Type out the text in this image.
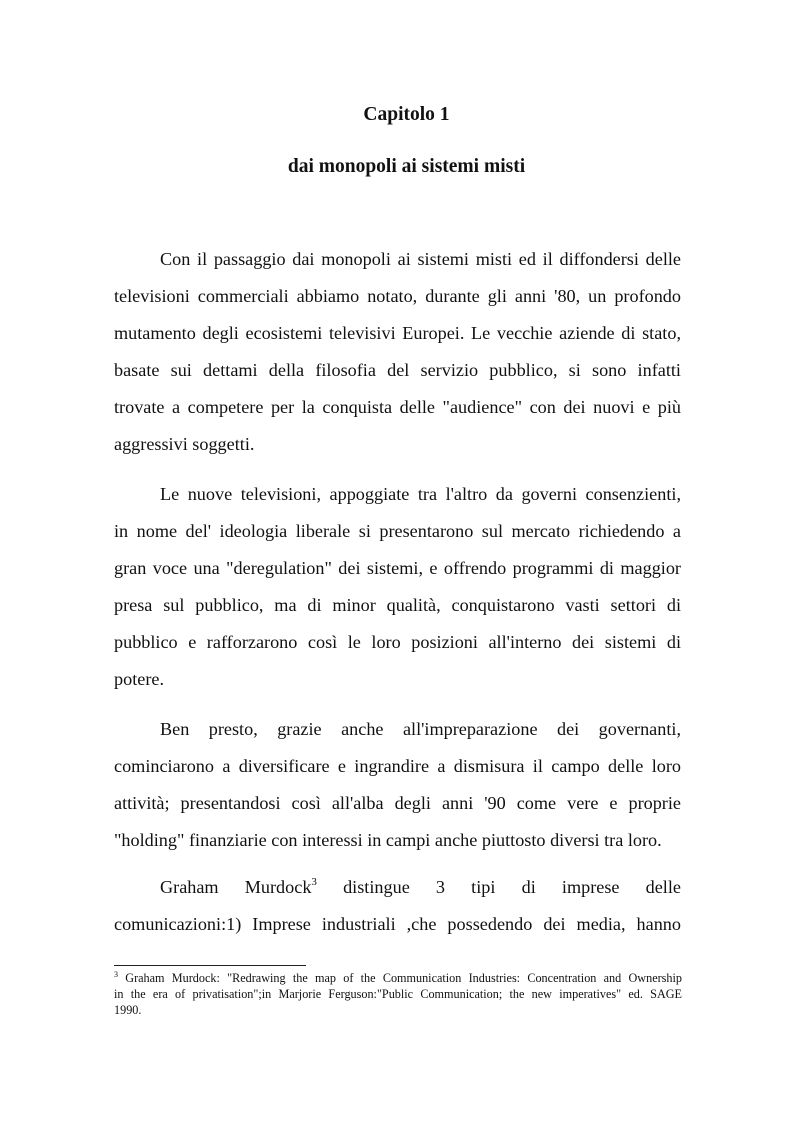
Capitolo 1
dai monopoli ai sistemi misti
Con il passaggio dai monopoli ai sistemi misti ed il diffondersi delle
televisioni commerciali abbiamo notato, durante gli anni '80, un profondo
mutamento degli ecosistemi televisivi Europei. Le vecchie aziende di stato,
basate sui dettami della filosofia del servizio pubblico, si sono infatti
trovate a competere per la conquista delle "audience" con dei nuovi e più
aggressivi soggetti.
Le nuove televisioni, appoggiate tra l'altro da governi consenzienti,
in nome del' ideologia liberale si presentarono sul mercato richiedendo a
gran voce una "deregulation" dei sistemi, e offrendo programmi di maggior
presa sul pubblico, ma di minor qualità, conquistarono vasti settori di
pubblico e rafforzarono così le loro posizioni all'interno dei sistemi di
potere.
Ben presto, grazie anche all'impreparazione dei governanti,
cominciarono a diversificare e ingrandire a dismisura il campo delle loro
attività; presentandosi così all'alba degli anni '90 come vere e proprie
"holding" finanziarie con interessi in campi anche piuttosto diversi tra loro.
Graham Murdock$^3$ distingue 3 tipi di imprese delle
comunicazioni:1) Imprese industriali ,che possedendo dei media, hanno
$^3$ Graham Murdock: "Redrawing the map of the Communication Industries: Concentration and Ownership
in the era of privatisation";in Marjorie Ferguson:"Public Communication; the new imperatives" ed. SAGE
1990.
